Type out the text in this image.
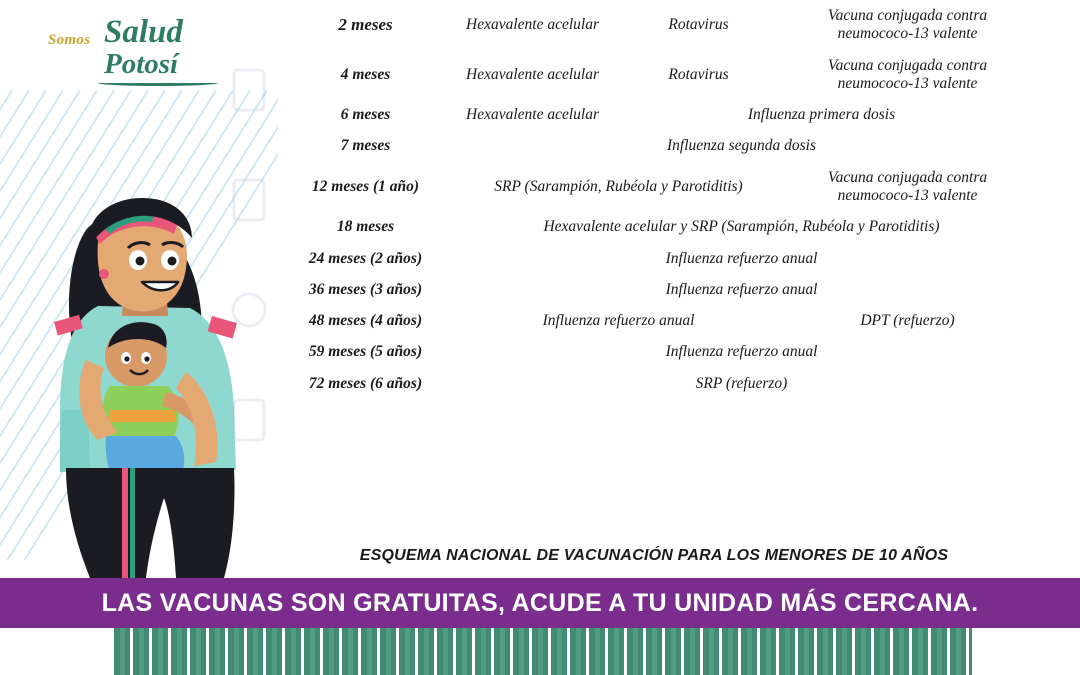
Somos Salud
Potosí
2 meses	Hexavalente acelular	Rotavirus	Vacuna conjugada contra neumococo-13 valente
4 meses	Hexavalente acelular	Rotavirus	Vacuna conjugada contra neumococo-13 valente
6 meses	Hexavalente acelular	Influenza primera dosis	
7 meses	Influenza segunda dosis		
12 meses (1 año)	SRP (Sarampión, Rubéola y Parotiditis)		Vacuna conjugada contra neumococo-13 valente
18 meses	Hexavalente acelular y SRP (Sarampión, Rubéola y Parotiditis)		
24 meses (2 años)	Influenza refuerzo anual		
36 meses (3 años)	Influenza refuerzo anual		
48 meses (4 años)	Influenza refuerzo anual		DPT (refuerzo)
59 meses (5 años)	Influenza refuerzo anual		
72 meses (6 años)	SRP (refuerzo)		
ESQUEMA NACIONAL DE VACUNACIÓN PARA LOS MENORES DE 10 AÑOS
LAS VACUNAS SON GRATUITAS, ACUDE A TU UNIDAD MÁS CERCANA.
